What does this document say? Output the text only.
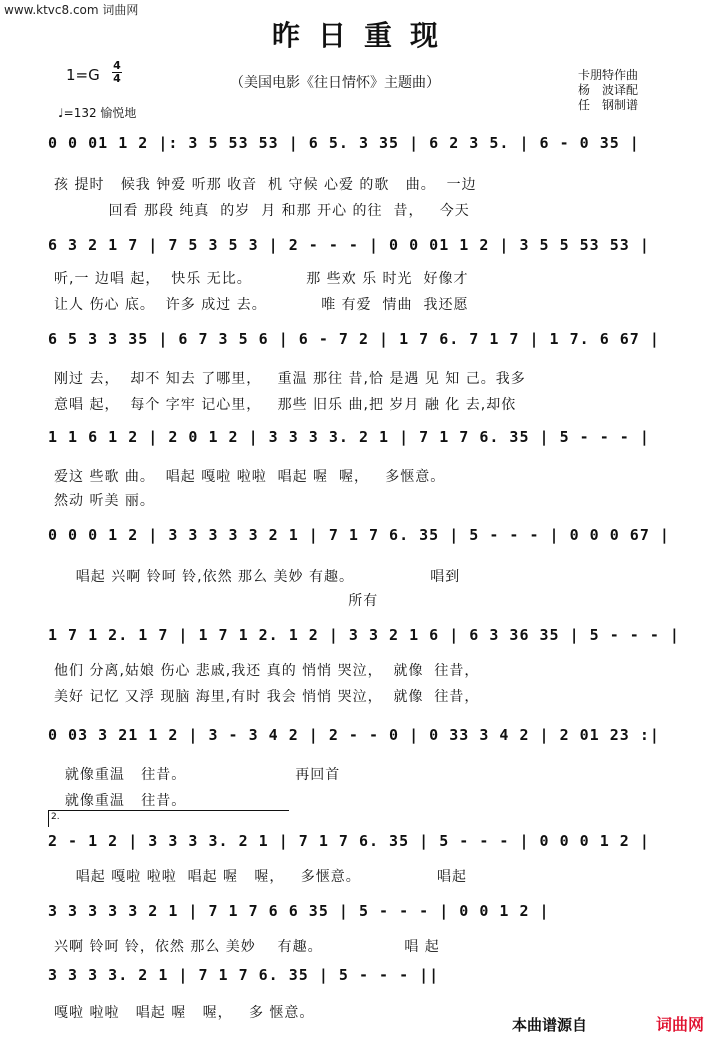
www.ktvc8.com 词曲网
昨日重现
1=G
4
4	（美国电影《往日情怀》主题曲）
♩=132 愉悦地
卡朋特作曲
杨　波译配
任　钢制谱
0 0 01 1 2 |: 3 5 53 53 | 6 5. 3 35 | 6 2 3 5. | 6 - 0 35 |
孩 提时   候我 钟爱 听那 收音  机 守候 心爱 的歌   曲。  一边
回看 那段 纯真  的岁  月 和那 开心 的往  昔，   今天
6 3 2 1 7 | 7 5 3 5 3 | 2 - - - | 0 0 01 1 2 | 3 5 5 53 53 |
听,一 边唱 起，  快乐 无比。          那 些欢 乐 时光  好像才
让人 伤心 底。  许多 成过 去。          唯 有爱  情曲  我还愿
6 5 3 3 35 | 6 7 3 5 6 | 6 - 7 2 | 1 7 6. 7 1 7 | 1 7. 6 67 |
刚过 去，  却不 知去 了哪里，   重温 那往 昔,恰 是遇 见 知 己。我多
意唱 起，  每个 字牢 记心里，   那些 旧乐 曲,把 岁月 融 化 去,却依
1 1 6 1 2 | 2 0 1 2 | 3 3 3 3. 2 1 | 7 1 7 6. 35 | 5 - - - |
爱这 些歌 曲。  唱起 嘎啦 啦啦  唱起 喔  喔，   多惬意。
然动 听美 丽。
0 0 0 1 2 | 3 3 3 3 3 2 1 | 7 1 7 6. 35 | 5 - - - | 0 0 0 67 |
唱起 兴啊 铃呵 铃,依然 那么 美妙 有趣。              唱到
所有
1 7 1 2. 1 7 | 1 7 1 2. 1 2 | 3 3 2 1 6 | 6 3 36 35 | 5 - - - |
他们 分离,姑娘 伤心 悲戚,我还 真的 悄悄 哭泣，  就像  往昔，
美好 记忆 又浮 现脑 海里,有时 我会 悄悄 哭泣，  就像  往昔，
0 03 3 21 1 2 | 3 - 3 4 2 | 2 - - 0 | 0 33 3 4 2 | 2 01 23 :|
就像重温   往昔。                    再回首
就像重温   往昔。
2.
2 - 1 2 | 3 3 3 3. 2 1 | 7 1 7 6. 35 | 5 - - - | 0 0 0 1 2 |
唱起 嘎啦 啦啦  唱起 喔   喔，   多惬意。              唱起
3 3 3 3 3 2 1 | 7 1 7 6 6 35 | 5 - - - | 0 0 1 2 |
兴啊 铃呵 铃，依然 那么 美妙    有趣。               唱 起
3 3 3 3. 2 1 | 7 1 7 6. 35 | 5 - - - ||
嘎啦 啦啦   唱起 喔   喔，   多 惬意。
本曲谱源自	词曲网
